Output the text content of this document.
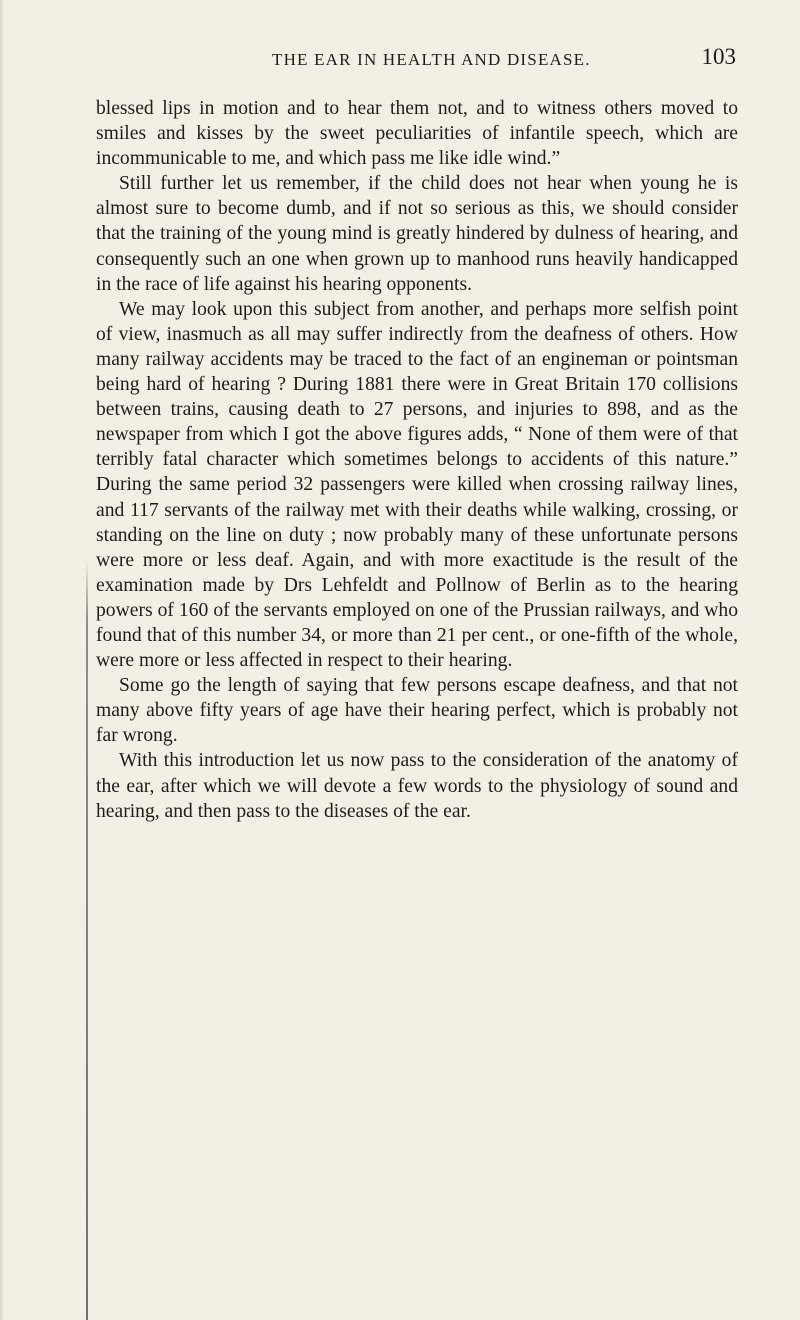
THE EAR IN HEALTH AND DISEASE.	103

blessed lips in motion and to hear them not, and to witness others moved to smiles and kisses by the sweet peculiarities of infantile speech, which are incommunicable to me, and which pass me like idle wind.”

Still further let us remember, if the child does not hear when young he is almost sure to become dumb, and if not so serious as this, we should consider that the training of the young mind is greatly hindered by dulness of hearing, and consequently such an one when grown up to manhood runs heavily handicapped in the race of life against his hearing opponents.

We may look upon this subject from another, and perhaps more selfish point of view, inasmuch as all may suffer indirectly from the deafness of others. How many railway accidents may be traced to the fact of an engineman or pointsman being hard of hearing ? During 1881 there were in Great Britain 170 collisions between trains, causing death to 27 persons, and injuries to 898, and as the newspaper from which I got the above figures adds, “ None of them were of that terribly fatal character which sometimes belongs to accidents of this nature.” During the same period 32 passengers were killed when crossing railway lines, and 117 servants of the railway met with their deaths while walking, crossing, or standing on the line on duty ; now probably many of these unfortunate persons were more or less deaf. Again, and with more exactitude is the result of the examination made by Drs Lehfeldt and Pollnow of Berlin as to the hearing powers of 160 of the servants employed on one of the Prussian railways, and who found that of this number 34, or more than 21 per cent., or one-fifth of the whole, were more or less affected in respect to their hearing.

Some go the length of saying that few persons escape deafness, and that not many above fifty years of age have their hearing perfect, which is probably not far wrong.

With this introduction let us now pass to the consideration of the anatomy of the ear, after which we will devote a few words to the physiology of sound and hearing, and then pass to the diseases of the ear.
